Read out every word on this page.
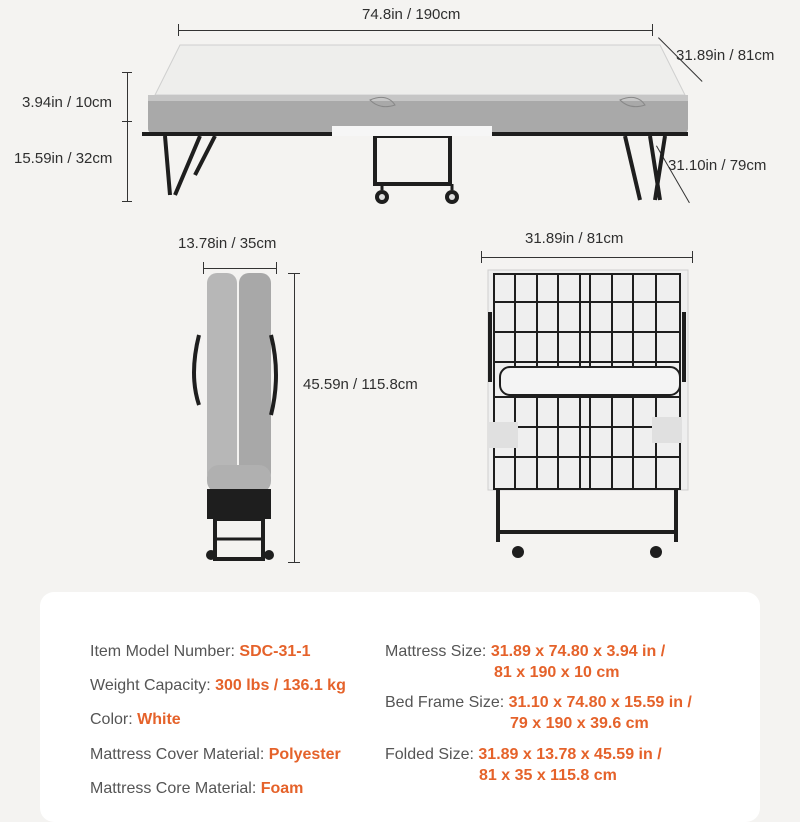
74.8in / 190cm
31.89in / 81cm
3.94in / 10cm
15.59in / 32cm	31.10in / 79cm
13.78in / 35cm
45.59n / 115.8cm
31.89in / 81cm
Item Model Number: SDC-31-1
Weight Capacity: 300 lbs / 136.1 kg
Color: White
Mattress Cover Material: Polyester
Mattress Core Material: Foam
Mattress Size: 31.89 x 74.80 x 3.94 in /
81 x 190 x 10 cm
Bed Frame Size: 31.10 x 74.80 x 15.59 in /
79 x 190 x 39.6 cm
Folded Size: 31.89 x 13.78 x 45.59 in /
81 x 35 x 115.8 cm
